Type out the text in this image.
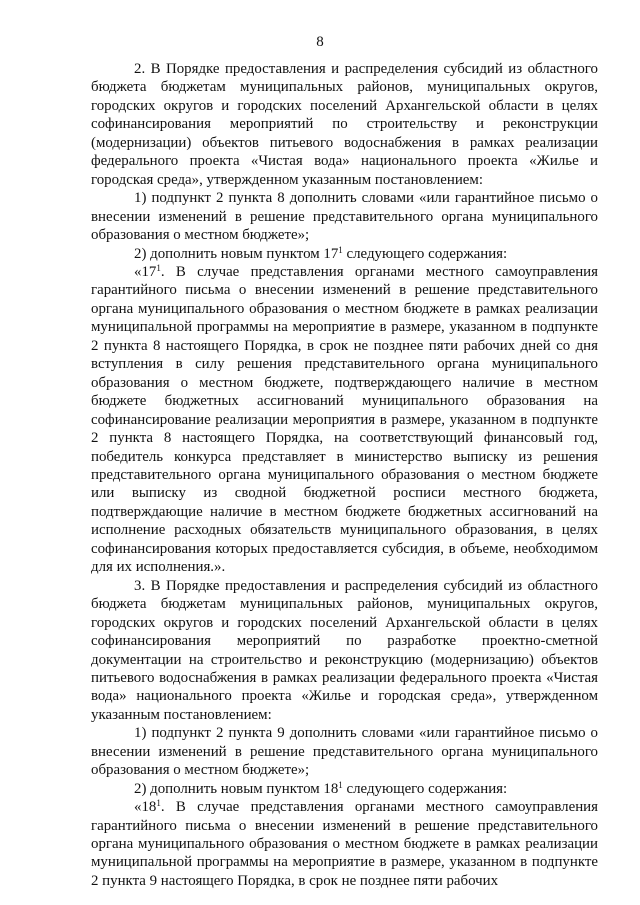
8

2. В Порядке предоставления и распределения субсидий из областного бюджета бюджетам муниципальных районов, муниципальных округов, городских округов и городских поселений Архангельской области в целях софинансирования мероприятий по строительству и реконструкции (модернизации) объектов питьевого водоснабжения в рамках реализации федерального проекта «Чистая вода» национального проекта «Жилье и городская среда», утвержденном указанным постановлением:

1) подпункт 2 пункта 8 дополнить словами «или гарантийное письмо о внесении изменений в решение представительного органа муниципального образования о местном бюджете»;

2) дополнить новым пунктом $17^1$ следующего содержания:

«$17^1$. В случае представления органами местного самоуправления гарантийного письма о внесении изменений в решение представительного органа муниципального образования о местном бюджете в рамках реализации муниципальной программы на мероприятие в размере, указанном в подпункте 2 пункта 8 настоящего Порядка, в срок не позднее пяти рабочих дней со дня вступления в силу решения представительного органа муниципального образования о местном бюджете, подтверждающего наличие в местном бюджете бюджетных ассигнований муниципального образования на софинансирование реализации мероприятия в размере, указанном в подпункте 2 пункта 8 настоящего Порядка, на соответствующий финансовый год, победитель конкурса представляет в министерство выписку из решения представительного органа муниципального образования о местном бюджете или выписку из сводной бюджетной росписи местного бюджета, подтверждающие наличие в местном бюджете бюджетных ассигнований на исполнение расходных обязательств муниципального образования, в целях софинансирования которых предоставляется субсидия, в объеме, необходимом для их исполнения.».

3. В Порядке предоставления и распределения субсидий из областного бюджета бюджетам муниципальных районов, муниципальных округов, городских округов и городских поселений Архангельской области в целях софинансирования мероприятий по разработке проектно-сметной документации на строительство и реконструкцию (модернизацию) объектов питьевого водоснабжения в рамках реализации федерального проекта «Чистая вода» национального проекта «Жилье и городская среда», утвержденном указанным постановлением:

1) подпункт 2 пункта 9 дополнить словами «или гарантийное письмо о внесении изменений в решение представительного органа муниципального образования о местном бюджете»;

2) дополнить новым пунктом $18^1$ следующего содержания:

«$18^1$. В случае представления органами местного самоуправления гарантийного письма о внесении изменений в решение представительного органа муниципального образования о местном бюджете в рамках реализации муниципальной программы на мероприятие в размере, указанном в подпункте 2 пункта 9 настоящего Порядка, в срок не позднее пяти рабочих
